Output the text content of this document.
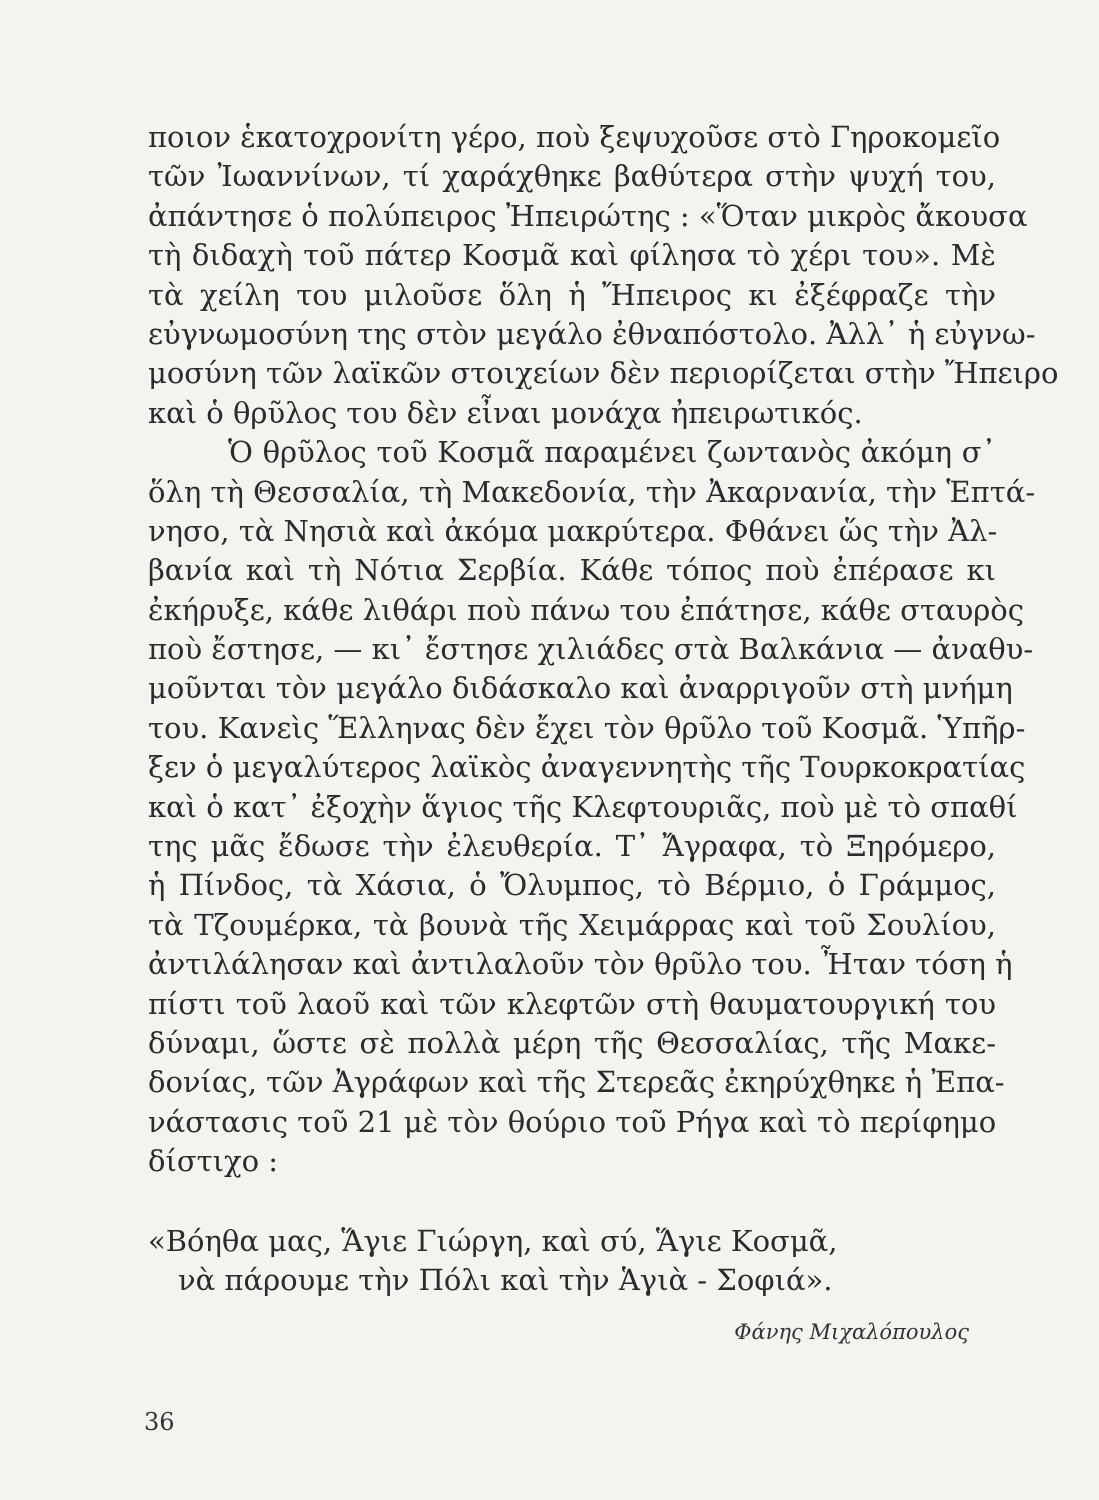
ποιον ἑκατοχρονίτη γέρο, ποὺ ξεψυχοῦσε στὸ Γηροκομεῖο
τῶν Ἰωαννίνων, τί χαράχθηκε βαθύτερα στὴν ψυχή του,
ἀπάντησε ὁ πολύπειρος Ἠπειρώτης : «Ὅταν μικρὸς ἄκουσα
τὴ διδαχὴ τοῦ πάτερ Κοσμᾶ καὶ φίλησα τὸ χέρι του». Μὲ
τὰ χείλη του μιλοῦσε ὅλη ἡ Ἤπειρος κι ἐξέφραζε τὴν
εὐγνωμοσύνη της στὸν μεγάλο ἐθναπόστολο. Ἀλλ᾽ ἡ εὐγνω-
μοσύνη τῶν λαϊκῶν στοιχείων δὲν περιορίζεται στὴν Ἤπειρο
καὶ ὁ θρῦλος του δὲν εἶναι μονάχα ἠπειρωτικός.
Ὁ θρῦλος τοῦ Κοσμᾶ παραμένει ζωντανὸς ἀκόμη σ᾽
ὅλη τὴ Θεσσαλία, τὴ Μακεδονία, τὴν Ἀκαρνανία, τὴν Ἑπτά-
νησο, τὰ Νησιὰ καὶ ἀκόμα μακρύτερα. Φθάνει ὥς τὴν Ἀλ-
βανία καὶ τὴ Νότια Σερβία. Κάθε τόπος ποὺ ἐπέρασε κι
ἐκήρυξε, κάθε λιθάρι ποὺ πάνω του ἐπάτησε, κάθε σταυρὸς
ποὺ ἔστησε, — κι᾽ ἔστησε χιλιάδες στὰ Βαλκάνια — ἀναθυ-
μοῦνται τὸν μεγάλο διδάσκαλο καὶ ἀναρριγοῦν στὴ μνήμη
του. Κανεὶς Ἕλληνας δὲν ἔχει τὸν θρῦλο τοῦ Κοσμᾶ. Ὑπῆρ-
ξεν ὁ μεγαλύτερος λαϊκὸς ἀναγεννητὴς τῆς Τουρκοκρατίας
καὶ ὁ κατ᾽ ἐξοχὴν ἅγιος τῆς Κλεφτουριᾶς, ποὺ μὲ τὸ σπαθί
της μᾶς ἔδωσε τὴν ἐλευθερία. Τ᾽ Ἄγραφα, τὸ Ξηρόμερο,
ἡ Πίνδος, τὰ Χάσια, ὁ Ὄλυμπος, τὸ Βέρμιο, ὁ Γράμμος,
τὰ Τζουμέρκα, τὰ βουνὰ τῆς Χειμάρρας καὶ τοῦ Σουλίου,
ἀντιλάλησαν καὶ ἀντιλαλοῦν τὸν θρῦλο του. Ἦταν τόση ἡ
πίστι τοῦ λαοῦ καὶ τῶν κλεφτῶν στὴ θαυματουργική του
δύναμι, ὥστε σὲ πολλὰ μέρη τῆς Θεσσαλίας, τῆς Μακε-
δονίας, τῶν Ἀγράφων καὶ τῆς Στερεᾶς ἐκηρύχθηκε ἡ Ἐπα-
νάστασις τοῦ 21 μὲ τὸν θούριο τοῦ Ρήγα καὶ τὸ περίφημο
δίστιχο :
«Βόηθα μας, Ἅγιε Γιώργη, καὶ σύ, Ἅγιε Κοσμᾶ,
νὰ πάρουμε τὴν Πόλι καὶ τὴν Ἁγιὰ - Σοφιά».
Φάνης Μιχαλόπουλος
36
